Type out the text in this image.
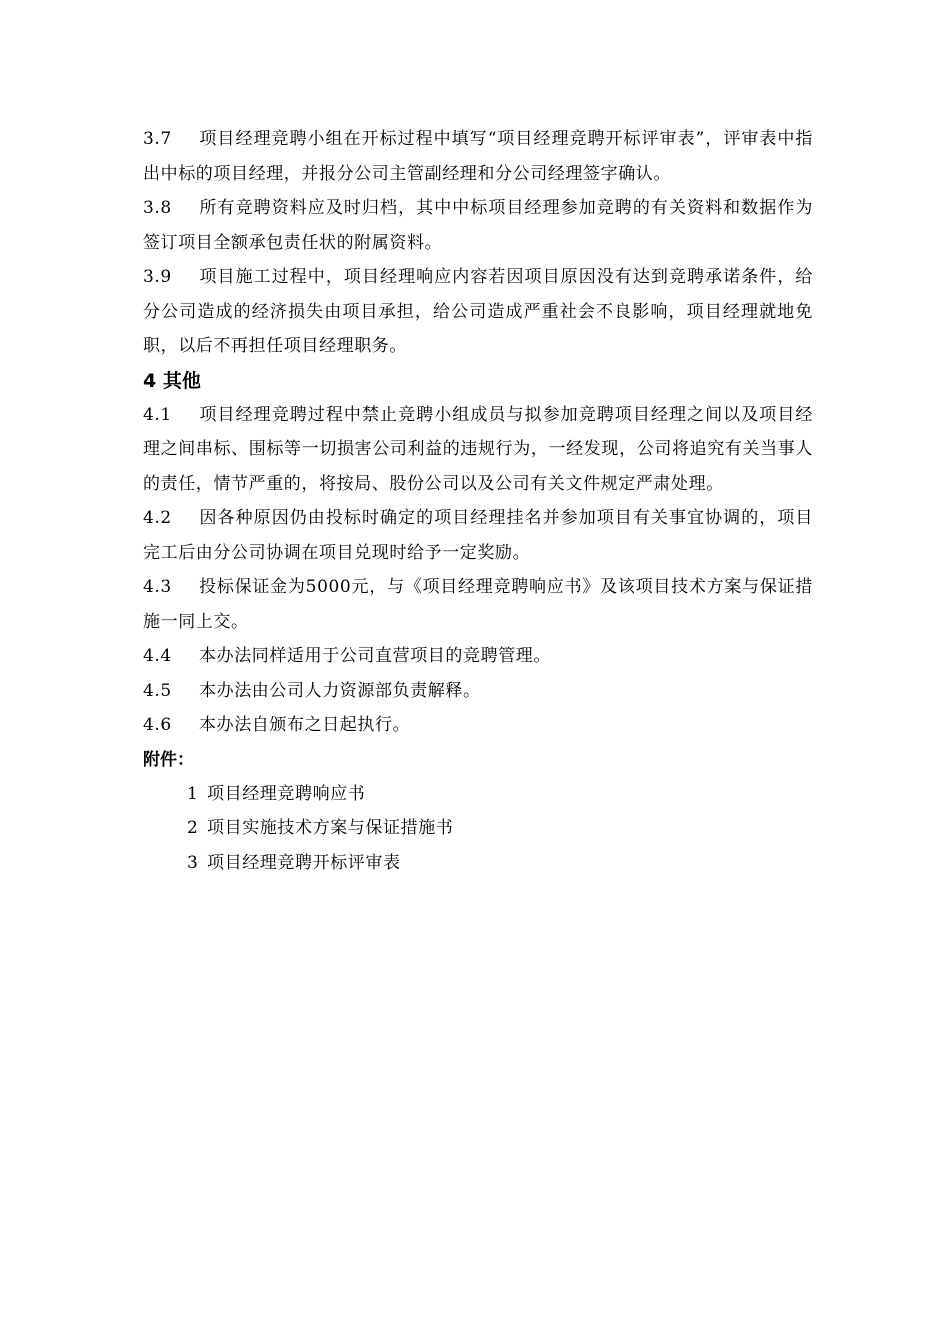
3.7 项目经理竞聘小组在开标过程中填写“项目经理竞聘开标评审表”，评审表中指出中标的项目经理，并报分公司主管副经理和分公司经理签字确认。

3.8 所有竞聘资料应及时归档，其中中标项目经理参加竞聘的有关资料和数据作为签订项目全额承包责任状的附属资料。

3.9 项目施工过程中，项目经理响应内容若因项目原因没有达到竞聘承诺条件，给分公司造成的经济损失由项目承担，给公司造成严重社会不良影响，项目经理就地免职，以后不再担任项目经理职务。

4 其他

4.1 项目经理竞聘过程中禁止竞聘小组成员与拟参加竞聘项目经理之间以及项目经理之间串标、围标等一切损害公司利益的违规行为，一经发现，公司将追究有关当事人的责任，情节严重的，将按局、股份公司以及公司有关文件规定严肃处理。

4.2 因各种原因仍由投标时确定的项目经理挂名并参加项目有关事宜协调的，项目完工后由分公司协调在项目兑现时给予一定奖励。

4.3 投标保证金为5000元，与《项目经理竞聘响应书》及该项目技术方案与保证措施一同上交。

4.4 本办法同样适用于公司直营项目的竞聘管理。

4.5 本办法由公司人力资源部负责解释。

4.6 本办法自颁布之日起执行。

附件：

1 项目经理竞聘响应书

2 项目实施技术方案与保证措施书

3 项目经理竞聘开标评审表
